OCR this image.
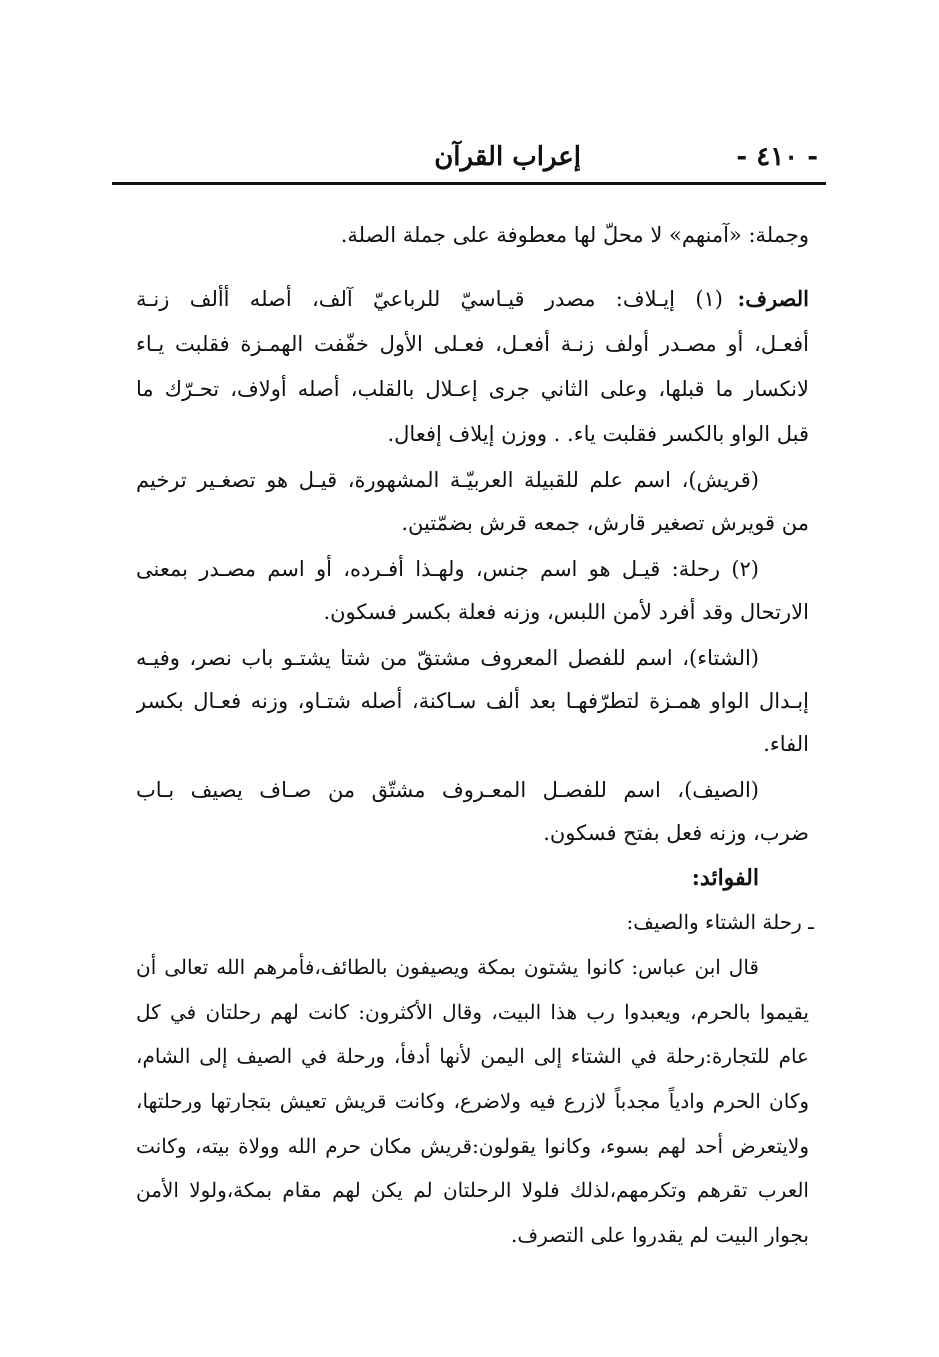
- ٤١٠ -
إعراب القرآن
وجملة: «آمنهم» لا محلّ لها معطوفة على جملة الصلة.
الصرف:
(١) إيـلاف: مصدر قيـاسيّ للرباعيّ آلف، أصله أألف زنـة
أفعـل، أو مصـدر أولف زنـة أفعـل، فعـلى الأول خفّفت الهمـزة فقلبت يـاء
لانكسار ما قبلها، وعلى الثاني جرى إعـلال بالقلب، أصله أولاف، تحـرّك ما
قبل الواو بالكسر فقلبت ياء. . ووزن إيلاف إفعال.
(قريش)، اسم علم للقبيلة العربيّـة المشهورة، قيـل هو تصغـير ترخيم
من قويرش تصغير قارش، جمعه قرش بضمّتين.
(٢) رحلة: قيـل هو اسم جنس، ولهـذا أفـرده، أو اسم مصـدر بمعنى
الارتحال وقد أفرد لأمن اللبس، وزنه فعلة بكسر فسكون.
(الشتاء)، اسم للفصل المعروف مشتقّ من شتا يشتـو باب نصر، وفيـه
إبـدال الواو همـزة لتطرّفهـا بعد ألف سـاكنة، أصله شتـاو، وزنه فعـال بكسر
الفاء.
(الصيف)، اسم للفصـل المعـروف مشتّق من صـاف يصيف بـاب
ضرب، وزنه فعل بفتح فسكون.
الفوائد:
ـ رحلة الشتاء والصيف:
قال ابن عباس: كانوا يشتون بمكة ويصيفون بالطائف،فأمرهم الله تعالى أن
يقيموا بالحرم، ويعبدوا رب هذا البيت، وقال الأكثرون: كانت لهم رحلتان في كل
عام للتجارة:رحلة في الشتاء إلى اليمن لأنها أدفأ، ورحلة في الصيف إلى الشام،
وكان الحرم وادياً مجدباً لازرع فيه ولاضرع، وكانت قريش تعيش بتجارتها ورحلتها،
ولايتعرض أحد لهم بسوء، وكانوا يقولون:قريش مكان حرم الله وولاة بيته، وكانت
العرب تقرهم وتكرمهم،لذلك فلولا الرحلتان لم يكن لهم مقام بمكة،ولولا الأمن
بجوار البيت لم يقدروا على التصرف.
